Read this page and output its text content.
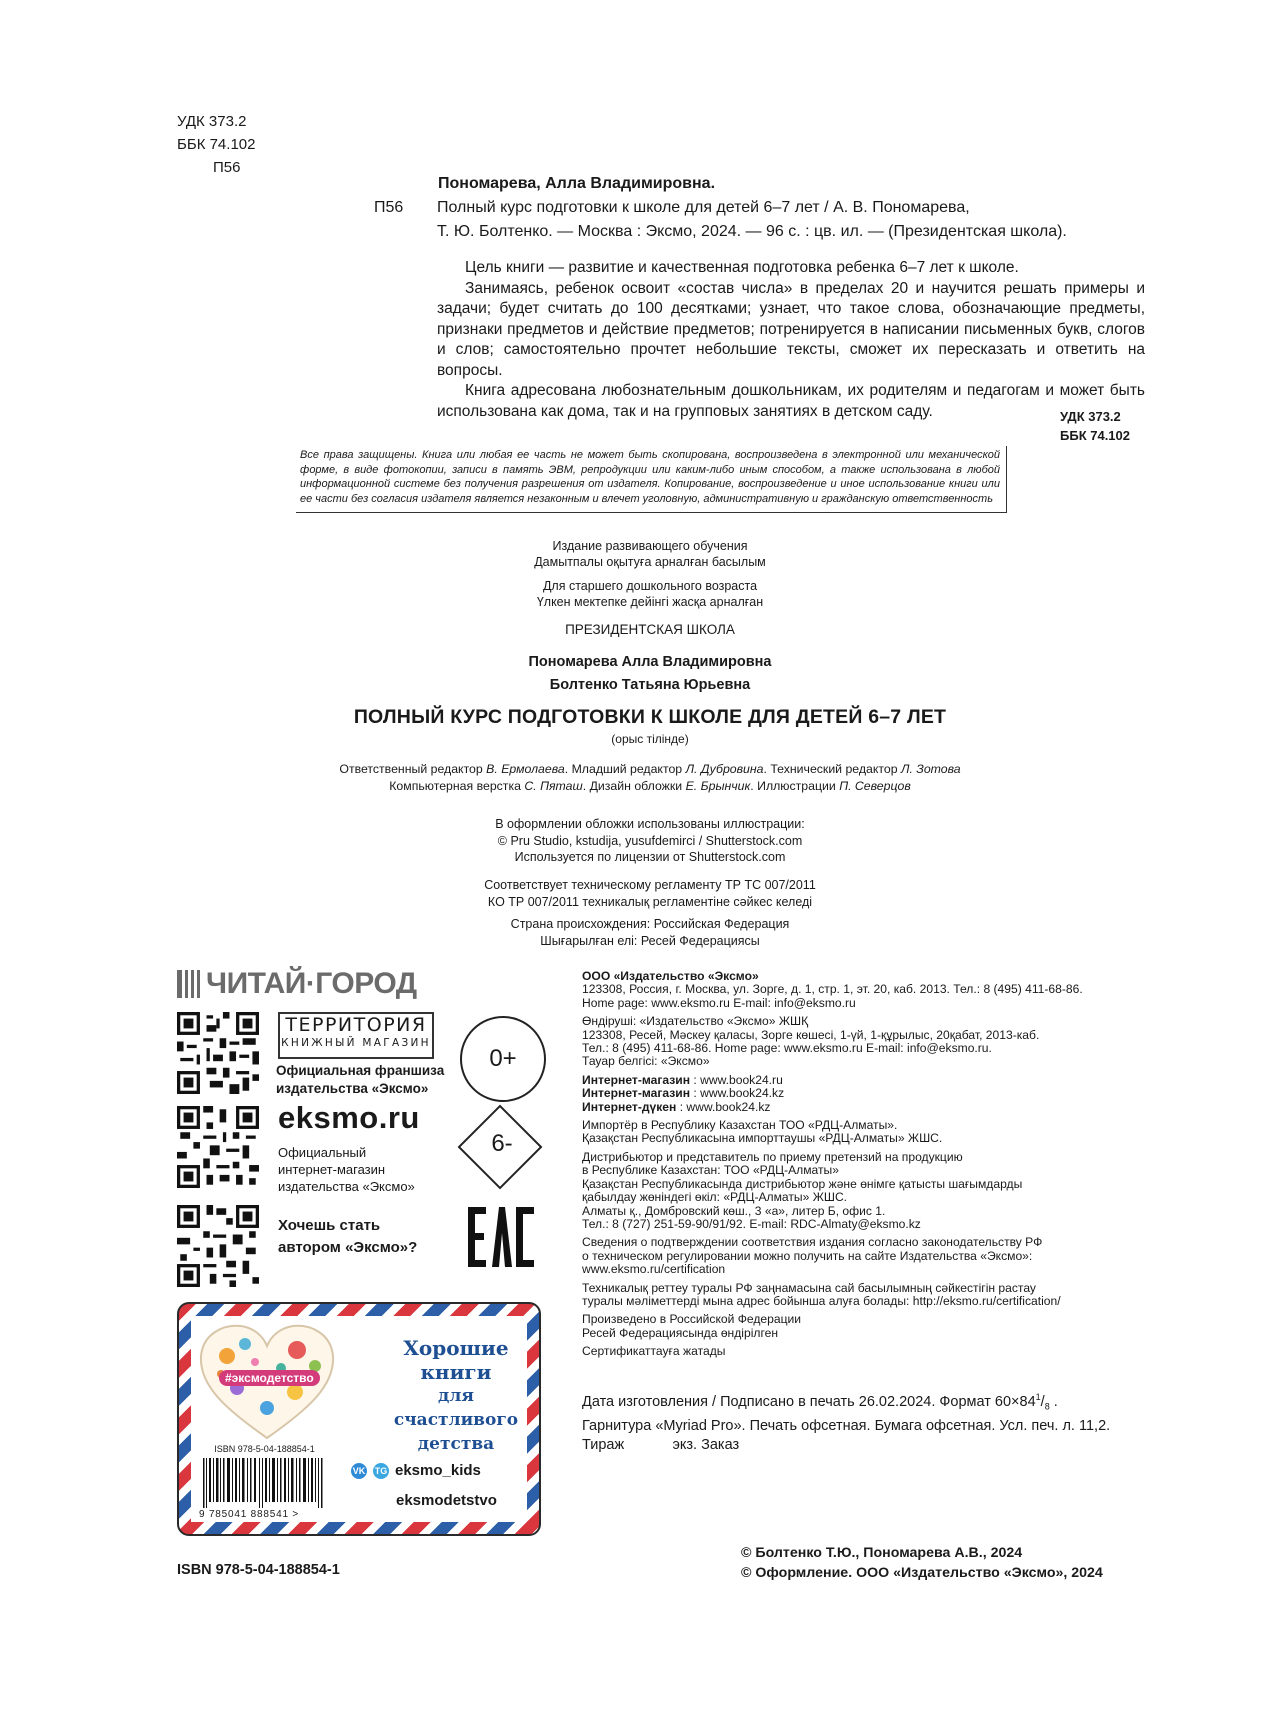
УДК 373.2
ББК 74.102
П56
Пономарева, Алла Владимировна.
П56	Полный курс подготовки к школе для детей 6–7 лет / А. В. Пономарева,
Т. Ю. Болтенко. — Москва : Эксмо, 2024. — 96 с. : цв. ил. — (Президентская школа).

Цель книги — развитие и качественная подготовка ребенка 6–7 лет к школе.

Занимаясь, ребенок освоит «состав числа» в пределах 20 и научится решать примеры и задачи; будет считать до 100 десятками; узнает, что такое слова, обозначающие предметы, признаки предметов и действие предметов; потренируется в написании письменных букв, слогов и слов; самостоятельно прочтет небольшие тексты, сможет их пересказать и ответить на вопросы.

Книга адресована любознательным дошкольникам, их родителям и педагогам и может быть использована как дома, так и на групповых занятиях в детском саду.	УДК 373.2
ББК 74.102
Все права защищены. Книга или любая ее часть не может быть скопирована, воспроизведена в электронной или механической форме, в виде фотокопии, записи в память ЭВМ, репродукции или каким-либо иным способом, а также использована в любой информационной системе без получения разрешения от издателя. Копирование, воспроизведение и иное использование книги или ее части без согласия издателя является незаконным и влечет уголовную, административную и гражданскую ответственность
Издание развивающего обучения
Дамытпалы оқытуға арналған басылым
Для старшего дошкольного возраста
Үлкен мектепке дейінгі жасқа арналған
ПРЕЗИДЕНТСКАЯ ШКОЛА
Пономарева Алла Владимировна
Болтенко Татьяна Юрьевна
ПОЛНЫЙ КУРС ПОДГОТОВКИ К ШКОЛЕ ДЛЯ ДЕТЕЙ 6–7 ЛЕТ
(орыс тілінде)
Ответственный редактор В. Ермолаева. Младший редактор Л. Дубровина. Технический редактор Л. Зотова
Компьютерная верстка С. Пяташ. Дизайн обложки Е. Брынчик. Иллюстрации П. Северцов
В оформлении обложки использованы иллюстрации:
© Pru Studio, kstudija, yusufdemirci / Shutterstock.com
Используется по лицензии от Shutterstock.com
Соответствует техническому регламенту ТР ТС 007/2011
КО ТР 007/2011 техникалық регламентіне сәйкес келеді
Страна происхождения: Российская Федерация
Шығарылған елі: Ресей Федерациясы
ЧИТАЙ·ГОРОД
ТЕРРИТОРИЯ
КНИЖНЫЙ МАГАЗИН
Официальная франшиза
издательства «Эксмо»
eksmo.ru
Официальный
интернет-магазин
издательства «Эксмо»
Хочешь стать
автором «Эксмо»?
0+
6-
ООО «Издательство «Эксмо»
123308, Россия, г. Москва, ул. Зорге, д. 1, стр. 1, эт. 20, каб. 2013. Тел.: 8 (495) 411-68-86.
Home page: www.eksmo.ru E-mail: info@eksmo.ru
Өндіруші: «Издательство «Эксмо» ЖШҚ
123308, Ресей, Мәскеу қаласы, Зорге көшесі, 1-үй, 1-құрылыс, 20қабат, 2013-каб.
Тел.: 8 (495) 411-68-86. Home page: www.eksmo.ru E-mail: info@eksmo.ru.
Тауар белгісі: «Эксмо»
Интернет-магазин : www.book24.ru
Интернет-магазин : www.book24.kz
Интернет-дүкен : www.book24.kz
Импортёр в Республику Казахстан ТОО «РДЦ-Алматы».
Қазақстан Республикасына импорттаушы «РДЦ-Алматы» ЖШС.
Дистрибьютор и представитель по приему претензий на продукцию
в Республике Казахстан: ТОО «РДЦ-Алматы»
Қазақстан Республикасында дистрибьютор және өнімге қатысты шағымдарды
қабылдау жөніндегі өкіл: «РДЦ-Алматы» ЖШС.
Алматы қ., Домбровский көш., 3 «а», литер Б, офис 1.
Тел.: 8 (727) 251-59-90/91/92. E-mail: RDC-Almaty@eksmo.kz
Сведения о подтверждении соответствия издания согласно законодательству РФ
о техническом регулировании можно получить на сайте Издательства «Эксмо»:
www.eksmo.ru/certification
Техникалық реттеу туралы РФ заңнамасына сай басылымның сәйкестігін растау
туралы мәліметтерді мына адрес бойынша алуға болады: http://eksmo.ru/certification/
Произведено в Российской Федерации
Ресей Федерациясында өндірілген
Сертификаттауға жатады
Дата изготовления / Подписано в печать 26.02.2024. Формат $60\times 84^1/_8$ .
Гарнитура «Myriad Pro». Печать офсетная. Бумага офсетная. Усл. печ. л. 11,2.
Тираж            экз. Заказ
© Болтенко Т.Ю., Пономарева А.В., 2024
© Оформление. ООО «Издательство «Эксмо», 2024
ISBN 978-5-04-188854-1
#эксмодетство
Хорошие
книги
для счастливого
детства
ISBN 978-5-04-188854-1
9 785041 888541 >
VK TG eksmo_kids
eksmodetstvo
